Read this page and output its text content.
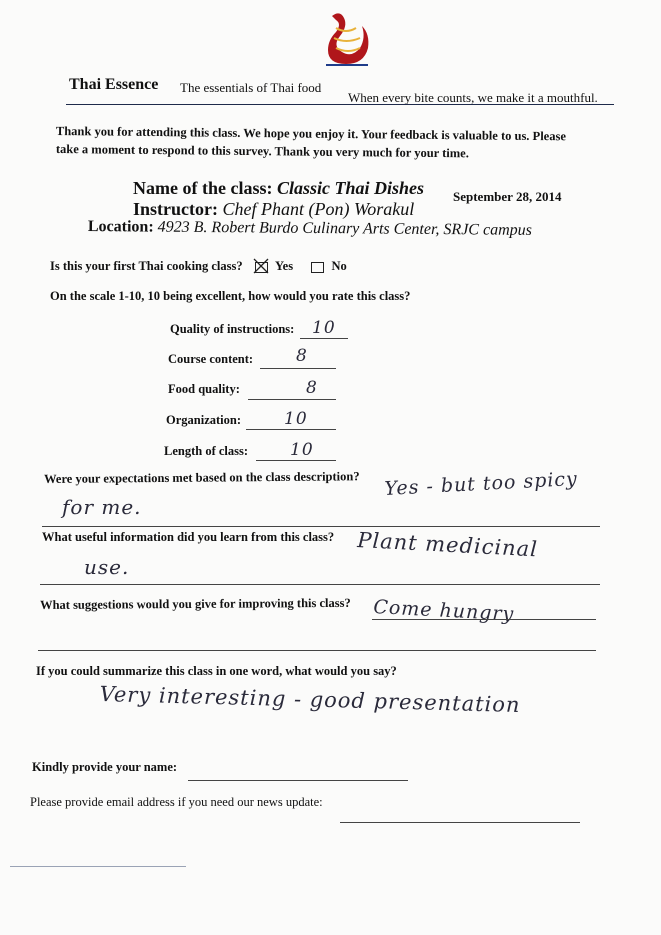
Thai Essence The essentials of Thai food
When every bite counts, we make it a mouthful.
Thank you for attending this class. We hope you enjoy it. Your feedback is valuable to us. Please
take a moment to respond to this survey. Thank you very much for your time.
Name of the class: Classic Thai Dishes September 28, 2014
Instructor: Chef Phant (Pon) Worakul
Location: 4923 B. Robert Burdo Culinary Arts Center, SRJC campus
Is this your first Thai cooking class?	Yes	No
On the scale 1-10, 10 being excellent, how would you rate this class?
Quality of instructions: 10
Course content:	8
Food quality:	8
Organization:	10
Length of class: 10
Were your expectations met based on the class description? Yes - but too spicy
for me.
What useful information did you learn from this class? Plant medicinal
use.
What suggestions would you give for improving this class? Come hungry
If you could summarize this class in one word, what would you say?
Very interesting - good presentation
Kindly provide your name:
Please provide email address if you need our news update:
